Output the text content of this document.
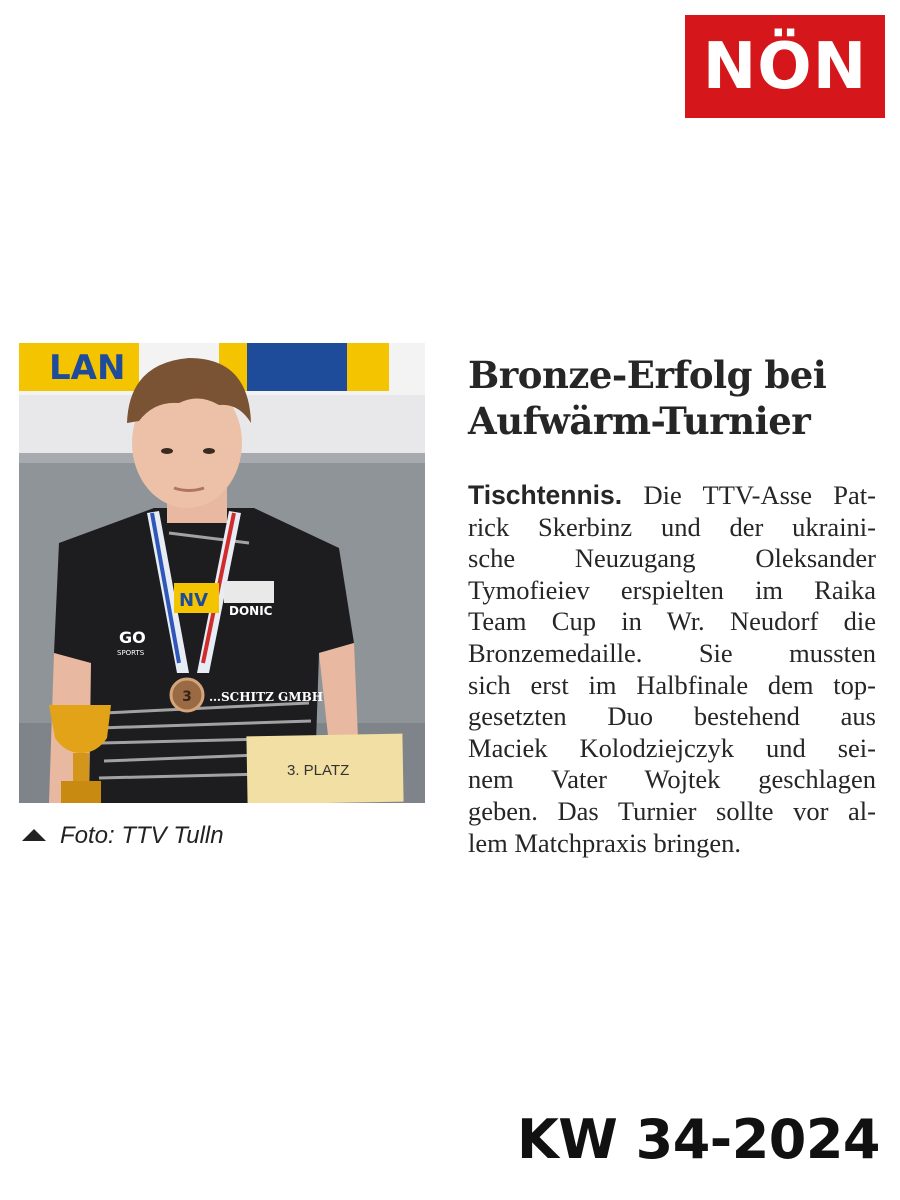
NÖN
LAN
3
NV DONIC
GO
SPORTS
…SCHITZ GMBH
3. PLATZ
Foto: TTV Tulln
Bronze-Erfolg bei
Aufwärm-Turnier
Tischtennis. Die TTV-Asse Pat-
rick Skerbinz und der ukraini-
sche Neuzugang Oleksander
Tymofieiev erspielten im Raika
Team Cup in Wr. Neudorf die
Bronzemedaille. Sie mussten
sich erst im Halbfinale dem top-
gesetzten Duo bestehend aus
Maciek Kolodziejczyk und sei-
nem Vater Wojtek geschlagen
geben. Das Turnier sollte vor al-
lem Matchpraxis bringen.
KW 34-2024
